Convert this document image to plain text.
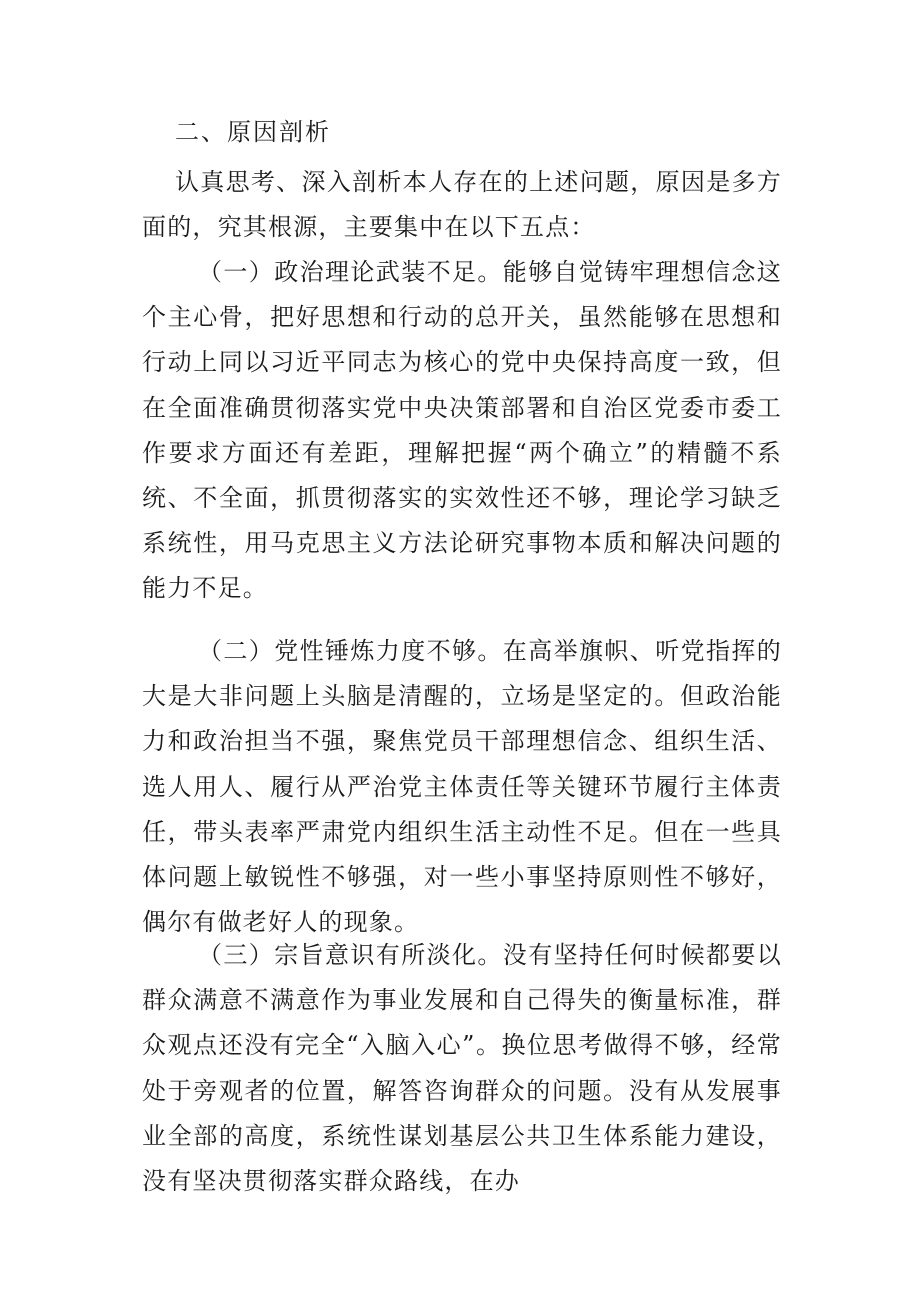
二、原因剖析

认真思考、深入剖析本人存在的上述问题，原因是多方面的，究其根源，主要集中在以下五点：

（一）政治理论武装不足。能够自觉铸牢理想信念这个主心骨，把好思想和行动的总开关，虽然能够在思想和行动上同以习近平同志为核心的党中央保持高度一致，但在全面准确贯彻落实党中央决策部署和自治区党委市委工作要求方面还有差距，理解把握“两个确立”的精髓不系统、不全面，抓贯彻落实的实效性还不够，理论学习缺乏系统性，用马克思主义方法论研究事物本质和解决问题的能力不足。

（二）党性锤炼力度不够。在高举旗帜、听党指挥的大是大非问题上头脑是清醒的，立场是坚定的。但政治能力和政治担当不强，聚焦党员干部理想信念、组织生活、选人用人、履行从严治党主体责任等关键环节履行主体责任，带头表率严肃党内组织生活主动性不足。但在一些具体问题上敏锐性不够强，对一些小事坚持原则性不够好，偶尔有做老好人的现象。

（三）宗旨意识有所淡化。没有坚持任何时候都要以群众满意不满意作为事业发展和自己得失的衡量标准，群众观点还没有完全“入脑入心”。换位思考做得不够，经常处于旁观者的位置，解答咨询群众的问题。没有从发展事业全部的高度，系统性谋划基层公共卫生体系能力建设，没有坚决贯彻落实群众路线，在办
